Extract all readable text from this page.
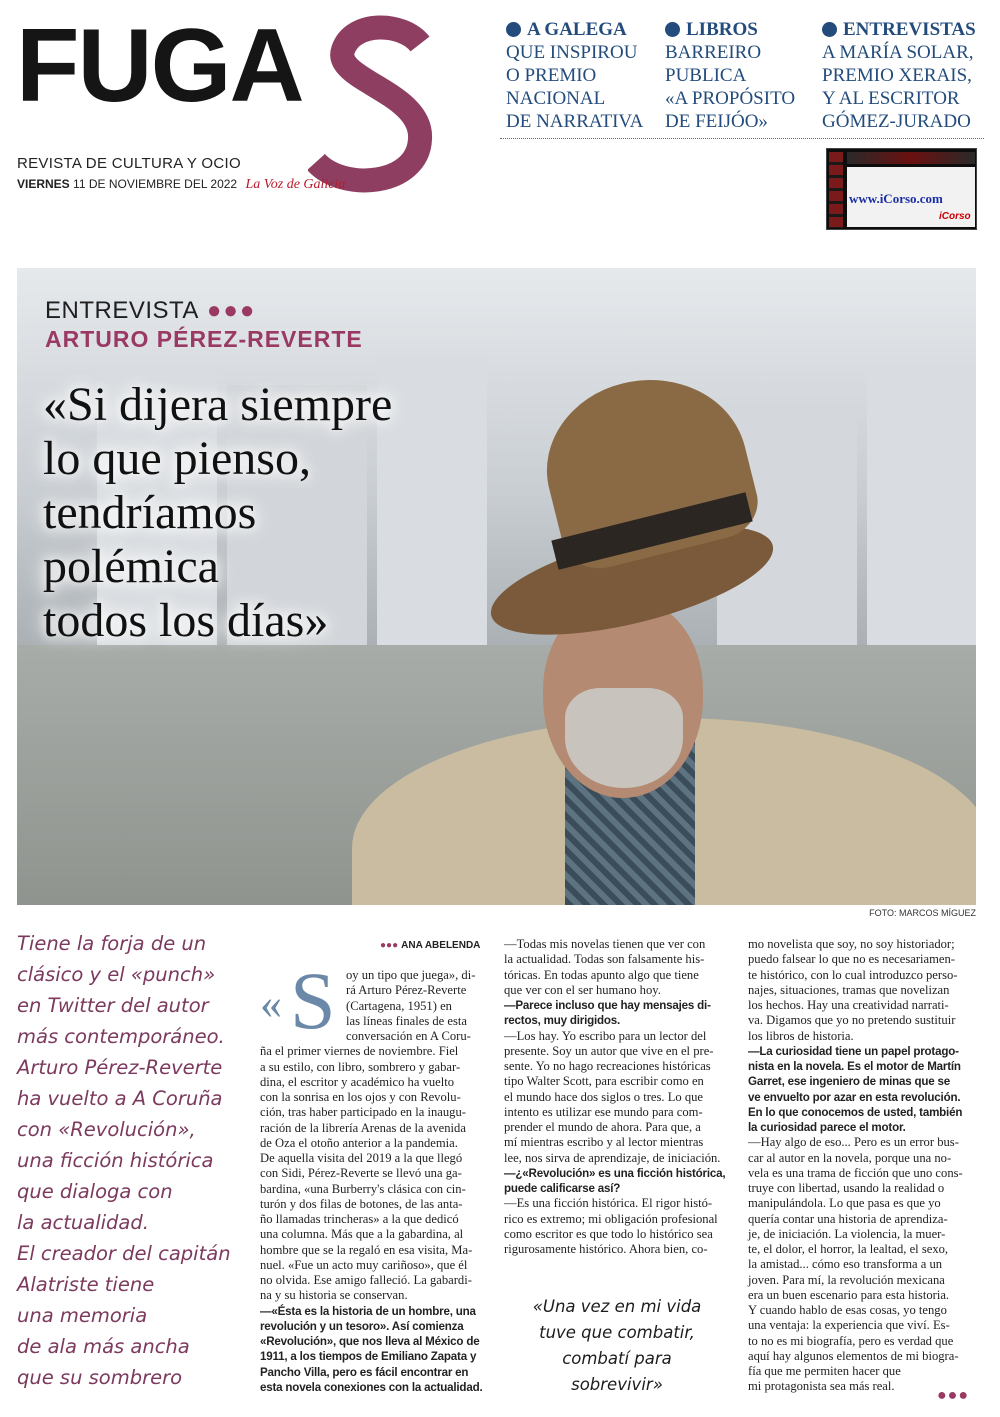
FUGA
REVISTA DE CULTURA Y OCIO
VIERNES 11 DE NOVIEMBRE DEL 2022 La Voz de Galicia
A GALEGA
QUE INSPIROU
O PREMIO
NACIONAL
DE NARRATIVA
LIBROS
BARREIRO
PUBLICA
«A PROPÓSITO
DE FEIJÓO»
ENTREVISTAS
A MARÍA SOLAR,
PREMIO XERAIS,
Y AL ESCRITOR
GÓMEZ-JURADO
www.iCorso.com
iCorso
ENTREVISTA ●●●
ARTURO PÉREZ-REVERTE
«Si dijera siempre
lo que pienso,
tendríamos
polémica
todos los días»
FOTO: MARCOS MÍGUEZ
Tiene la forja de un
clásico y el «punch»
en Twitter del autor
más contemporáneo.
Arturo Pérez-Reverte
ha vuelto a A Coruña
con «Revolución»,
una ficción histórica
que dialoga con
la actualidad.
El creador del capitán
Alatriste tiene
una memoria
de ala más ancha
que su sombrero
●●● ANA ABELENDA
« S oy un tipo que juega», di-

rá Arturo Pérez-Reverte

(Cartagena, 1951) en

las líneas finales de esta

conversación en A Coru-

ña el primer viernes de noviembre. Fiel

a su estilo, con libro, sombrero y gabar-

dina, el escritor y académico ha vuelto

con la sonrisa en los ojos y con Revolu-

ción, tras haber participado en la inaugu-

ración de la librería Arenas de la avenida

de Oza el otoño anterior a la pandemia.

De aquella visita del 2019 a la que llegó

con Sidi, Pérez-Reverte se llevó una ga-

bardina, «una Burberry's clásica con cin-

turón y dos filas de botones, de las anta-

ño llamadas trincheras» a la que dedicó

una columna. Más que a la gabardina, al

hombre que se la regaló en esa visita, Ma-

nuel. «Fue un acto muy cariñoso», que él

no olvida. Ese amigo falleció. La gabardi-

na y su historia se conservan.

—«Ésta es la historia de un hombre, una

revolución y un tesoro». Así comienza

«Revolución», que nos lleva al México de

1911, a los tiempos de Emiliano Zapata y

Pancho Villa, pero es fácil encontrar en

esta novela conexiones con la actualidad.

—Todas mis novelas tienen que ver con

la actualidad. Todas son falsamente his-

tóricas. En todas apunto algo que tiene

que ver con el ser humano hoy.

—Parece incluso que hay mensajes di-

rectos, muy dirigidos.

—Los hay. Yo escribo para un lector del

presente. Soy un autor que vive en el pre-

sente. Yo no hago recreaciones históricas

tipo Walter Scott, para escribir como en

el mundo hace dos siglos o tres. Lo que

intento es utilizar ese mundo para com-

prender el mundo de ahora. Para que, a

mí mientras escribo y al lector mientras

lee, nos sirva de aprendizaje, de iniciación.

—¿«Revolución» es una ficción histórica,

puede calificarse así?

—Es una ficción histórica. El rigor histó-

rico es extremo; mi obligación profesional

como escritor es que todo lo histórico sea

rigurosamente histórico. Ahora bien, co-

mo novelista que soy, no soy historiador;

puedo falsear lo que no es necesariamen-

te histórico, con lo cual introduzco perso-

najes, situaciones, tramas que novelizan

los hechos. Hay una creatividad narrati-

va. Digamos que yo no pretendo sustituir

los libros de historia.

—La curiosidad tiene un papel protago-

nista en la novela. Es el motor de Martín

Garret, ese ingeniero de minas que se

ve envuelto por azar en esta revolución.

En lo que conocemos de usted, también

la curiosidad parece el motor.

—Hay algo de eso... Pero es un error bus-

car al autor en la novela, porque una no-

vela es una trama de ficción que uno cons-

truye con libertad, usando la realidad o

manipulándola. Lo que pasa es que yo

quería contar una historia de aprendiza-

je, de iniciación. La violencia, la muer-

te, el dolor, el horror, la lealtad, el sexo,

la amistad... cómo eso transforma a un

joven. Para mí, la revolución mexicana

era un buen escenario para esta historia.

Y cuando hablo de esas cosas, yo tengo

una ventaja: la experiencia que viví. Es-

to no es mi biografía, pero es verdad que

aquí hay algunos elementos de mi biogra-

fía que me permiten hacer que

mi protagonista sea más real.

«Una vez en mi vida
tuve que combatir,
combatí para
sobrevivir»
●●●
